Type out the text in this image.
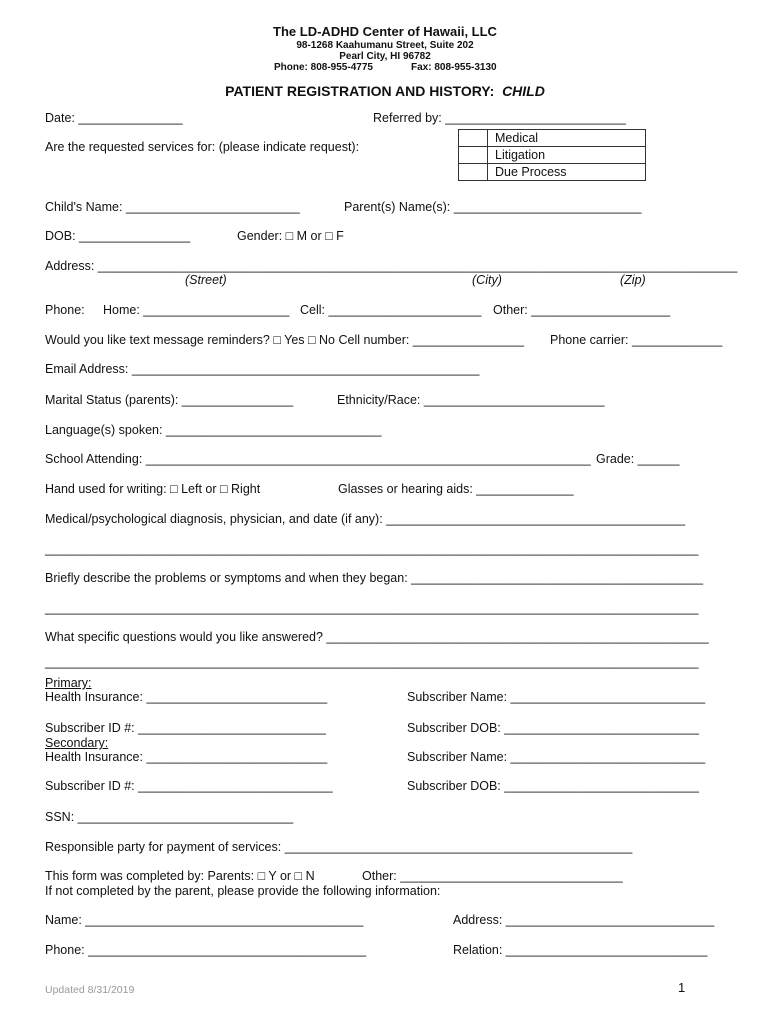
The LD-ADHD Center of Hawaii, LLC
98-1268 Kaahumanu Street, Suite 202
Pearl City, HI 96782
Phone: 808-955-4775	Fax: 808-955-3130
PATIENT REGISTRATION AND HISTORY: CHILD
Date: _______________	Referred by: __________________________
Are the requested services for: (please indicate request):
Medical
Litigation
Due Process
Child's Name: _________________________	Parent(s) Name(s): ___________________________
DOB: ________________	Gender: □ M or □ F
Address: ____________________________________________________________________________________________
(Street)	(City)	(Zip)
Phone: Home: _____________________ Cell: ______________________ Other: ____________________
Would you like text message reminders? □ Yes □ No Cell number: ________________ Phone carrier: _____________
Email Address: __________________________________________________
Marital Status (parents): ________________	Ethnicity/Race: __________________________
Language(s) spoken: _______________________________
School Attending: ________________________________________________________________ Grade: ______
Hand used for writing: □ Left or □ Right	Glasses or hearing aids: ______________
Medical/psychological diagnosis, physician, and date (if any): ___________________________________________
______________________________________________________________________________________________
Briefly describe the problems or symptoms and when they began: __________________________________________
______________________________________________________________________________________________
What specific questions would you like answered? _______________________________________________________
______________________________________________________________________________________________
Primary:
Health Insurance: __________________________	Subscriber Name: ____________________________
Subscriber ID #: ___________________________	Subscriber DOB: ____________________________
Secondary:
Health Insurance: __________________________	Subscriber Name: ____________________________
Subscriber ID #: ____________________________	Subscriber DOB: ____________________________
SSN: _______________________________
Responsible party for payment of services: __________________________________________________
This form was completed by: Parents: □ Y or □ N	Other: ________________________________
If not completed by the parent, please provide the following information:
Name: ________________________________________	Address: ______________________________
Phone: ________________________________________	Relation: _____________________________
Updated 8/31/2019	1
